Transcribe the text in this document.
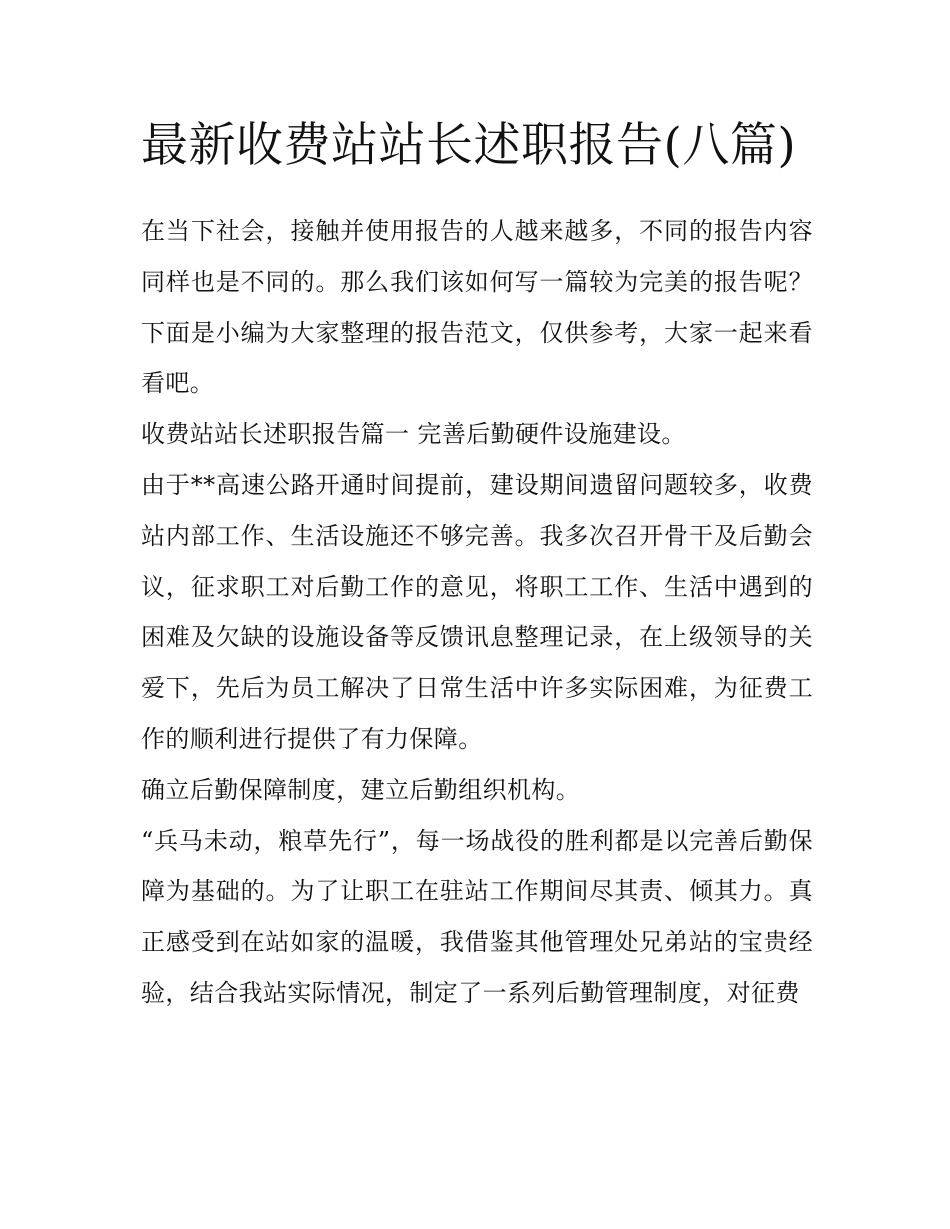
最新收费站站长述职报告(八篇)

在当下社会，接触并使用报告的人越来越多，不同的报告内容同样也是不同的。那么我们该如何写一篇较为完美的报告呢？下面是小编为大家整理的报告范文，仅供参考，大家一起来看看吧。

收费站站长述职报告篇一 完善后勤硬件设施建设。

由于**高速公路开通时间提前，建设期间遗留问题较多，收费站内部工作、生活设施还不够完善。我多次召开骨干及后勤会议，征求职工对后勤工作的意见，将职工工作、生活中遇到的困难及欠缺的设施设备等反馈讯息整理记录，在上级领导的关爱下，先后为员工解决了日常生活中许多实际困难，为征费工作的顺利进行提供了有力保障。

确立后勤保障制度，建立后勤组织机构。

“兵马未动，粮草先行”，每一场战役的胜利都是以完善后勤保障为基础的。为了让职工在驻站工作期间尽其责、倾其力。真正感受到在站如家的温暖，我借鉴其他管理处兄弟站的宝贵经验，结合我站实际情况，制定了一系列后勤管理制度，对征费
